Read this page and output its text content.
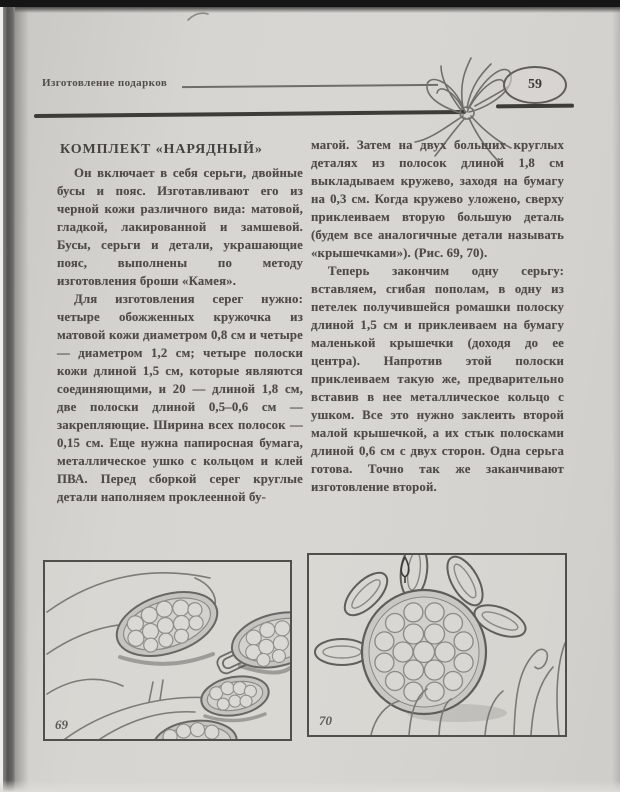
Изготовление подарков	59
КОМПЛЕКТ «НАРЯДНЫЙ»

Он включает в себя серьги, двойные бусы и пояс. Изготавливают его из черной кожи различного вида: матовой, гладкой, лакированной и замшевой. Бусы, серьги и детали, украшающие пояс, выполнены по методу изготовления броши «Камея».

Для изготовления серег нужно: четыре обожженных кружочка из матовой кожи диаметром 0,8 см и четыре — диаметром 1,2 см; четыре полоски кожи длиной 1,5 см, которые являются соединяющими, и 20 — длиной 1,8 см, две полоски длиной 0,5–0,6 см — закрепляющие. Ширина всех полосок — 0,15 см. Еще нужна папиросная бумага, металлическое ушко с кольцом и клей ПВА. Перед сборкой серег круглые детали наполняем проклеенной бу-

магой. Затем на двух больших круглых деталях из полосок длиной 1,8 см выкладываем кружево, заходя на бумагу на 0,3 см. Когда кружево уложено, сверху приклеиваем вторую большую деталь (будем все аналогичные детали называть «крышечками»). (Рис. 69, 70).

Теперь закончим одну серьгу: вставляем, сгибая пополам, в одну из петелек получившейся ромашки полоску длиной 1,5 см и приклеиваем на бумагу маленькой крышечки (доходя до ее центра). Напротив этой полоски приклеиваем такую же, предварительно вставив в нее металлическое кольцо с ушком. Все это нужно заклеить второй малой крышечкой, а их стык полосками длиной 0,6 см с двух сторон. Одна серьга готова. Точно так же заканчивают изготовление второй.

69	70
